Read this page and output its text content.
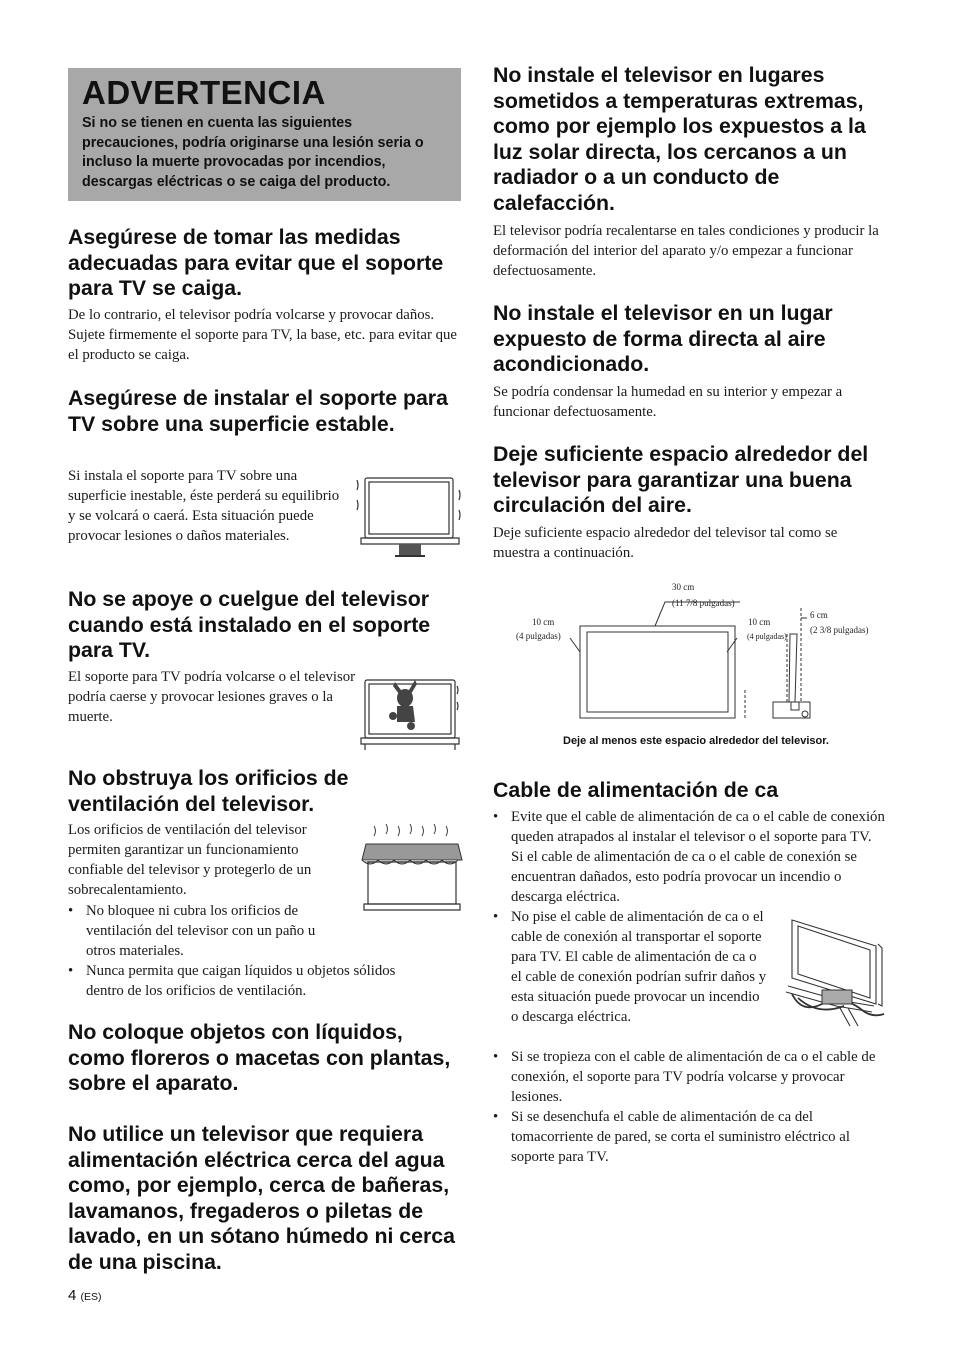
ADVERTENCIA
Si no se tienen en cuenta las siguientes precauciones, podría originarse una lesión seria o incluso la muerte provocadas por incendios, descargas eléctricas o se caiga del producto.
Asegúrese de tomar las medidas adecuadas para evitar que el soporte para TV se caiga.

De lo contrario, el televisor podría volcarse y provocar daños. Sujete firmemente el soporte para TV, la base, etc. para evitar que el producto se caiga.

Asegúrese de instalar el soporte para TV sobre una superficie estable.

Si instala el soporte para TV sobre una superficie inestable, éste perderá su equilibrio y se volcará o caerá. Esta situación puede provocar lesiones o daños materiales.

No se apoye o cuelgue del televisor cuando está instalado en el soporte para TV.

El soporte para TV podría volcarse o el televisor podría caerse y provocar lesiones graves o la muerte.

No obstruya los orificios de ventilación del televisor.

Los orificios de ventilación del televisor permiten garantizar un funcionamiento confiable del televisor y protegerlo de un sobrecalentamiento.

• No bloquee ni cubra los orificios de ventilación del televisor con un paño u otros materiales.
• Nunca permita que caigan líquidos u objetos sólidos dentro de los orificios de ventilación.
No coloque objetos con líquidos, como floreros o macetas con plantas, sobre el aparato.
No utilice un televisor que requiera alimentación eléctrica cerca del agua como, por ejemplo, cerca de bañeras, lavamanos, fregaderos o piletas de lavado, en un sótano húmedo ni cerca de una piscina.
No instale el televisor en lugares sometidos a temperaturas extremas, como por ejemplo los expuestos a la luz solar directa, los cercanos a un radiador o a un conducto de calefacción.

El televisor podría recalentarse en tales condiciones y producir la deformación del interior del aparato y/o empezar a funcionar defectuosamente.

No instale el televisor en un lugar expuesto de forma directa al aire acondicionado.

Se podría condensar la humedad en su interior y empezar a funcionar defectuosamente.

Deje suficiente espacio alrededor del televisor para garantizar una buena circulación del aire.

Deje suficiente espacio alrededor del televisor tal como se muestra a continuación.

30 cm
(11 7/8 pulgadas)
10 cm
(4 pulgadas)
10 cm
(4 pulgadas)
6 cm
(2 3/8 pulgadas)
Deje al menos este espacio alrededor del televisor.
Cable de alimentación de ca
• Evite que el cable de alimentación de ca o el cable de conexión queden atrapados al instalar el televisor o el soporte para TV. Si el cable de alimentación de ca o el cable de conexión se encuentran dañados, esto podría provocar un incendio o descarga eléctrica.
• No pise el cable de alimentación de ca o el cable de conexión al transportar el soporte para TV. El cable de alimentación de ca o el cable de conexión podrían sufrir daños y esta situación puede provocar un incendio o descarga eléctrica.
• Si se tropieza con el cable de alimentación de ca o el cable de conexión, el soporte para TV podría volcarse y provocar lesiones.
• Si se desenchufa el cable de alimentación de ca del tomacorriente de pared, se corta el suministro eléctrico al soporte para TV.
4 (ES)
